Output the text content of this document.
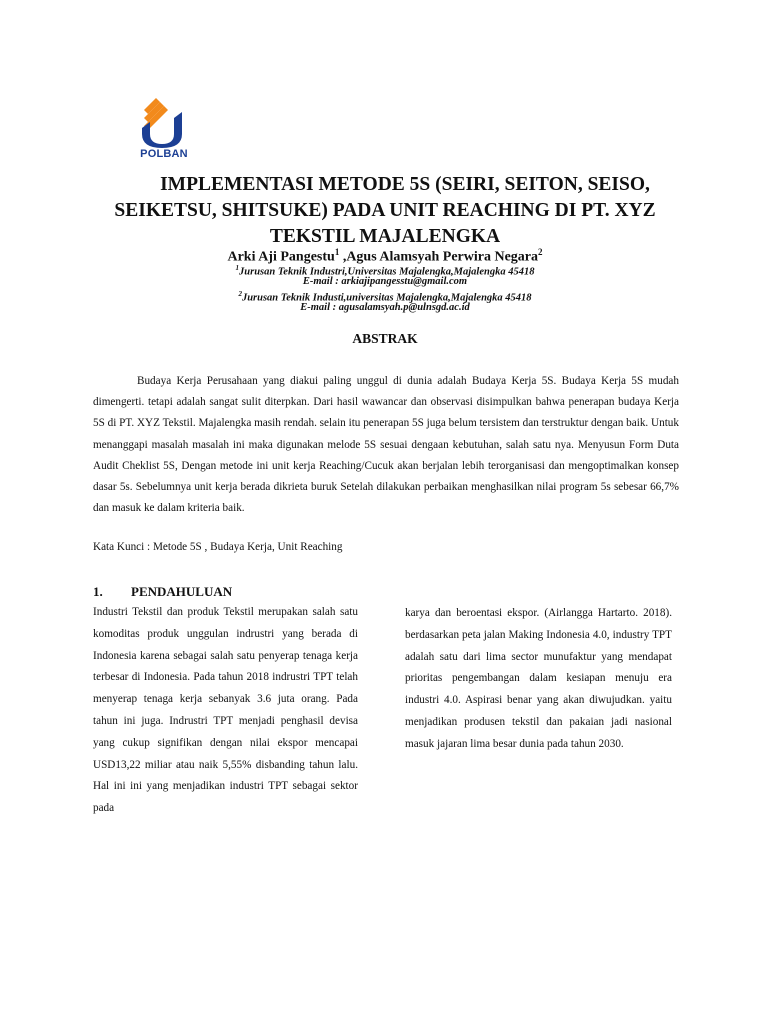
POLBAN
IMPLEMENTASI METODE 5S (SEIRI, SEITON, SEISO,
SEIKETSU, SHITSUKE) PADA UNIT REACHING DI PT. XYZ
TEKSTIL MAJALENGKA
Arki Aji Pangestu$^1$ ,Agus Alamsyah Perwira Negara$^2$
$^1$Jurusan Teknik Industri,Universitas Majalengka,Majalengka 45418
E-mail : arkiajipangesstu@gmail.com
$^2$Jurusan Teknik Industi,universitas Majalengka,Majalengka 45418
E-mail : agusalamsyah.p@ulnsgd.ac.id
ABSTRAK

Budaya Kerja Perusahaan yang diakui paling unggul di dunia adalah Budaya Kerja 5S. Budaya Kerja 5S mudah dimengerti. tetapi adalah sangat sulit diterpkan. Dari hasil wawancar dan observasi disimpulkan bahwa penerapan budaya Kerja 5S di PT. XYZ Tekstil. Majalengka masih rendah. selain itu penerapan 5S juga belum tersistem dan terstruktur dengan baik. Untuk menanggapi masalah masalah ini maka digunakan melode 5S sesuai dengaan kebutuhan, salah satu nya. Menyusun Form Duta Audit Cheklist 5S, Dengan metode ini unit kerja Reaching/Cucuk akan berjalan lebih terorganisasi dan mengoptimalkan konsep dasar 5s. Sebelumnya unit kerja berada dikrieta buruk Setelah dilakukan perbaikan menghasilkan nilai program 5s sebesar 66,7% dan masuk ke dalam kriteria baik.

Kata Kunci : Metode 5S , Budaya Kerja, Unit Reaching
1. PENDAHULUAN

Industri Tekstil dan produk Tekstil merupakan salah satu komoditas produk unggulan indrustri yang berada di Indonesia karena sebagai salah satu penyerap tenaga kerja terbesar di Indonesia. Pada tahun 2018 indrustri TPT telah menyerap tenaga kerja sebanyak 3.6 juta orang. Pada tahun ini juga. Indrustri TPT menjadi penghasil devisa yang cukup signifikan dengan nilai ekspor mencapai USD13,22 miliar atau naik 5,55% disbanding tahun lalu. Hal ini ini yang menjadikan industri TPT sebagai sektor pada

karya dan beroentasi ekspor. (Airlangga Hartarto. 2018). berdasarkan peta jalan Making Indonesia 4.0, industry TPT adalah satu dari lima sector munufaktur yang mendapat prioritas pengembangan dalam kesiapan menuju era industri 4.0. Aspirasi benar yang akan diwujudkan. yaitu menjadikan produsen tekstil dan pakaian jadi nasional masuk jajaran lima besar dunia pada tahun 2030.
